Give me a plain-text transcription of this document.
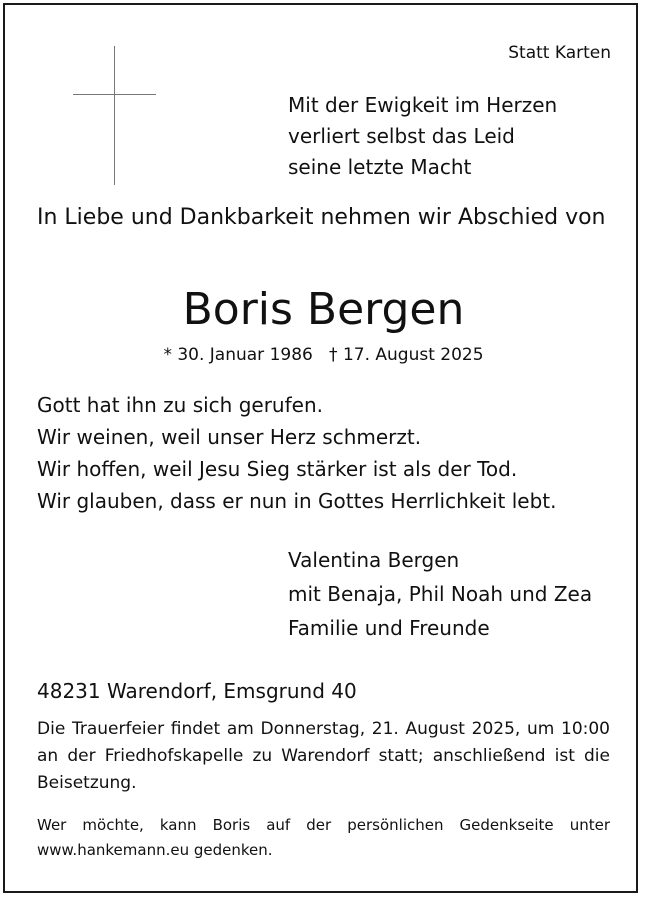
Statt Karten
Mit der Ewigkeit im Herzen
verliert selbst das Leid
seine letzte Macht
In Liebe und Dankbarkeit nehmen wir Abschied von
Boris Bergen
* 30. Januar 1986   † 17. August 2025
Gott hat ihn zu sich gerufen.
Wir weinen, weil unser Herz schmerzt.
Wir hoffen, weil Jesu Sieg stärker ist als der Tod.
Wir glauben, dass er nun in Gottes Herrlichkeit lebt.
Valentina Bergen
mit Benaja, Phil Noah und Zea
Familie und Freunde
48231 Warendorf, Emsgrund 40
Die Trauerfeier findet am Donnerstag, 21. August 2025, um 10:00 an der Friedhofskapelle zu Warendorf statt; anschließend ist die Beisetzung.
Wer möchte, kann Boris auf der persönlichen Gedenkseite unter www.hankemann.eu gedenken.
